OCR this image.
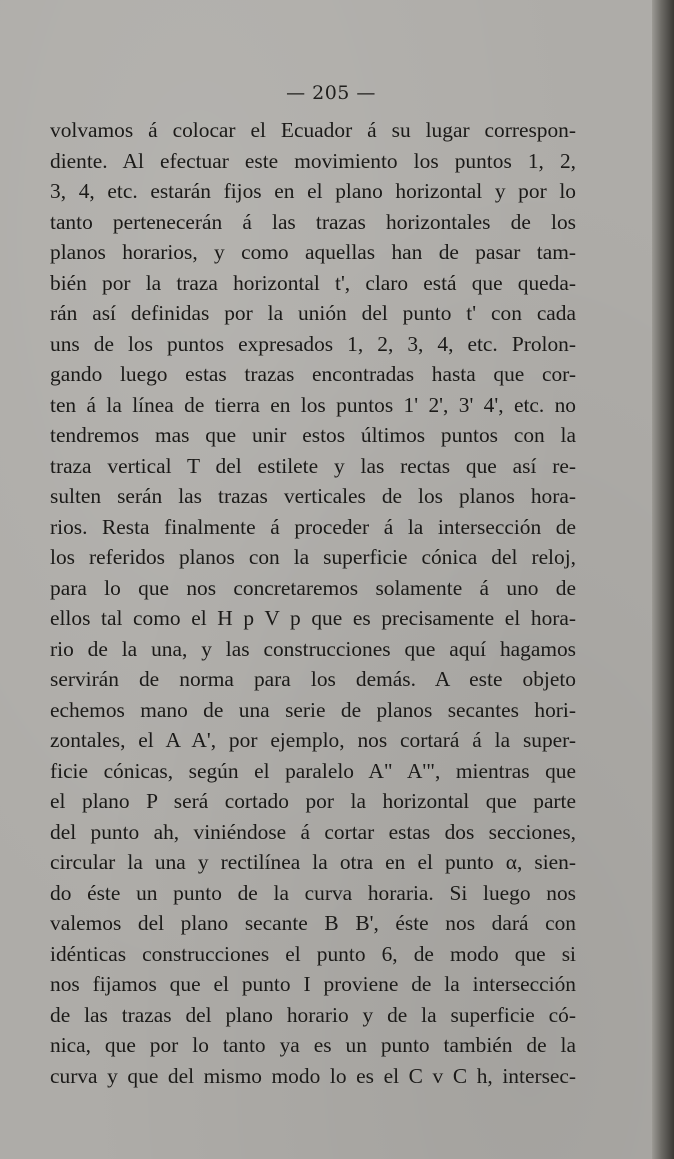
— 205 —
volvamos á colocar el Ecuador á su lugar correspon-
diente. Al efectuar este movimiento los puntos 1, 2,
3, 4, etc. estarán fijos en el plano horizontal y por lo
tanto pertenecerán á las trazas horizontales de los
planos horarios, y como aquellas han de pasar tam-
bién por la traza horizontal t', claro está que queda-
rán así definidas por la unión del punto t' con cada
uns de los puntos expresados 1, 2, 3, 4, etc. Prolon-
gando luego estas trazas encontradas hasta que cor-
ten á la línea de tierra en los puntos 1' 2', 3' 4', etc. no
tendremos mas que unir estos últimos puntos con la
traza vertical T del estilete y las rectas que así re-
sulten serán las trazas verticales de los planos hora-
rios. Resta finalmente á proceder á la intersección de
los referidos planos con la superficie cónica del reloj,
para lo que nos concretaremos solamente á uno de
ellos tal como el H p V p que es precisamente el hora-
rio de la una, y las construcciones que aquí hagamos
servirán de norma para los demás. A este objeto
echemos mano de una serie de planos secantes hori-
zontales, el A A', por ejemplo, nos cortará á la super-
ficie cónicas, según el paralelo A" A'", mientras que
el plano P será cortado por la horizontal que parte
del punto ah, viniéndose á cortar estas dos secciones,
circular la una y rectilínea la otra en el punto α, sien-
do éste un punto de la curva horaria. Si luego nos
valemos del plano secante B B', éste nos dará con
idénticas construcciones el punto 6, de modo que si
nos fijamos que el punto I proviene de la intersección
de las trazas del plano horario y de la superficie có-
nica, que por lo tanto ya es un punto también de la
curva y que del mismo modo lo es el C v C h, intersec-
